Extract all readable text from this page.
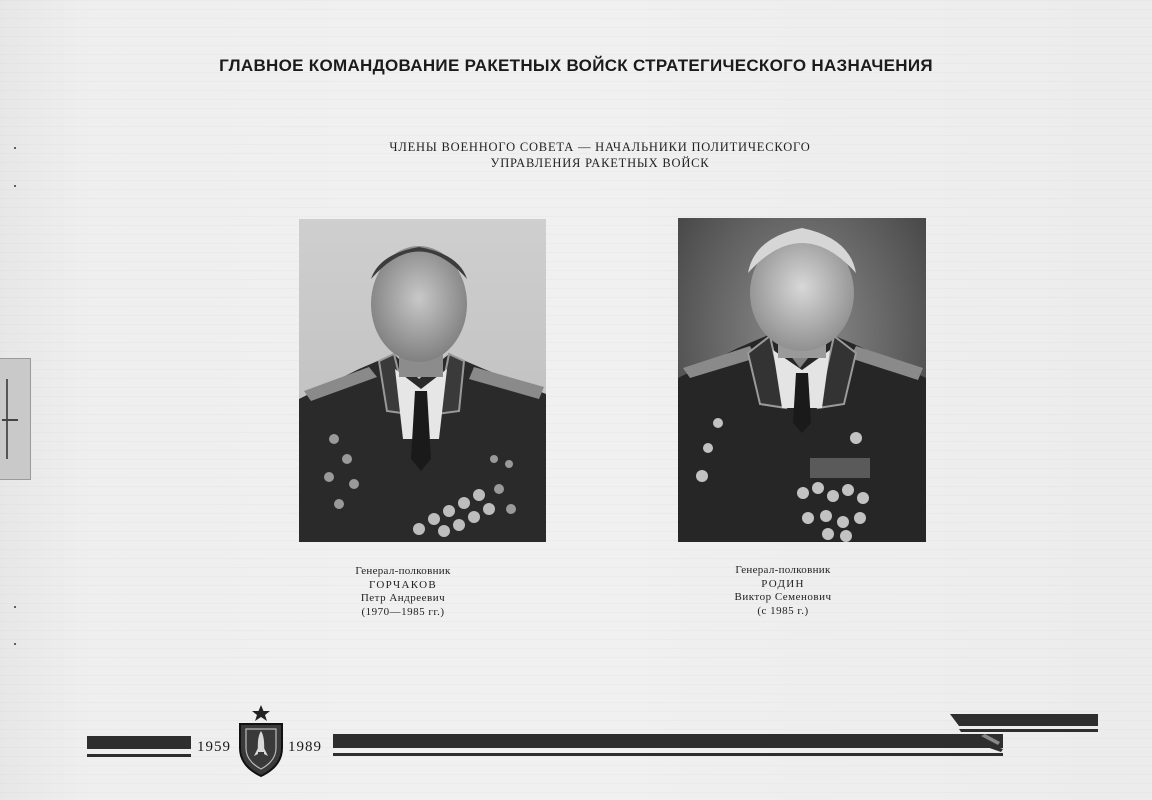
ГЛАВНОЕ КОМАНДОВАНИЕ РАКЕТНЫХ ВОЙСК СТРАТЕГИЧЕСКОГО НАЗНАЧЕНИЯ
ЧЛЕНЫ ВОЕННОГО СОВЕТА — НАЧАЛЬНИКИ ПОЛИТИЧЕСКОГО
УПРАВЛЕНИЯ РАКЕТНЫХ ВОЙСК
Генерал-полковник
ГОРЧАКОВ
Петр Андреевич
(1970—1985 гг.)
Генерал-полковник
РОДИН
Виктор Семенович
(с 1985 г.)
1959	1989
